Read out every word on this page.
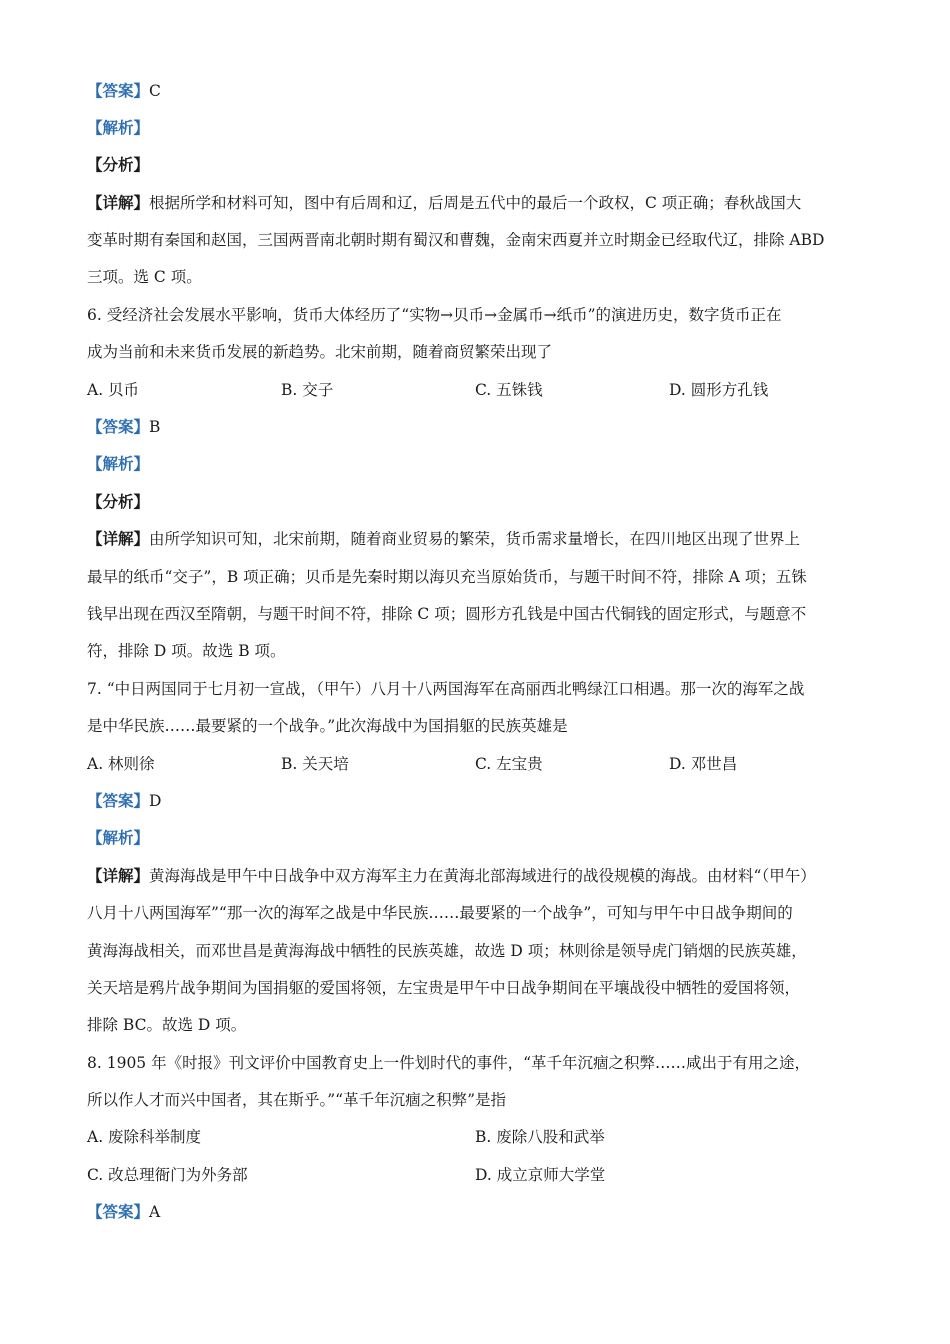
【答案】C
【解析】
【分析】
【详解】根据所学和材料可知，图中有后周和辽，后周是五代中的最后一个政权，C 项正确；春秋战国大
变革时期有秦国和赵国，三国两晋南北朝时期有蜀汉和曹魏，金南宋西夏并立时期金已经取代辽，排除 ABD
三项。选 C 项。
6. 受经济社会发展水平影响，货币大体经历了“实物→贝币→金属币→纸币”的演进历史，数字货币正在
成为当前和未来货币发展的新趋势。北宋前期，随着商贸繁荣出现了
A. 贝币	B. 交子	C. 五铢钱	D. 圆形方孔钱
【答案】B
【解析】
【分析】
【详解】由所学知识可知，北宋前期，随着商业贸易的繁荣，货币需求量增长，在四川地区出现了世界上
最早的纸币“交子”，B 项正确；贝币是先秦时期以海贝充当原始货币，与题干时间不符，排除 A 项；五铢
钱早出现在西汉至隋朝，与题干时间不符，排除 C 项；圆形方孔钱是中国古代铜钱的固定形式，与题意不
符，排除 D 项。故选 B 项。
7. “中日两国同于七月初一宣战，（甲午）八月十八两国海军在高丽西北鸭绿江口相遇。那一次的海军之战
是中华民族……最要紧的一个战争。”此次海战中为国捐躯的民族英雄是
A. 林则徐	B. 关天培	C. 左宝贵	D. 邓世昌
【答案】D
【解析】
【详解】黄海海战是甲午中日战争中双方海军主力在黄海北部海域进行的战役规模的海战。由材料“（甲午）
八月十八两国海军”“那一次的海军之战是中华民族……最要紧的一个战争”，可知与甲午中日战争期间的
黄海海战相关，而邓世昌是黄海海战中牺牲的民族英雄，故选 D 项；林则徐是领导虎门销烟的民族英雄，
关天培是鸦片战争期间为国捐躯的爱国将领，左宝贵是甲午中日战争期间在平壤战役中牺牲的爱国将领，
排除 BC。故选 D 项。
8. 1905 年《时报》刊文评价中国教育史上一件划时代的事件，“革千年沉痼之积弊……咸出于有用之途，
所以作人才而兴中国者，其在斯乎。”“革千年沉痼之积弊”是指
A. 废除科举制度	B. 废除八股和武举
C. 改总理衙门为外务部	D. 成立京师大学堂
【答案】A
